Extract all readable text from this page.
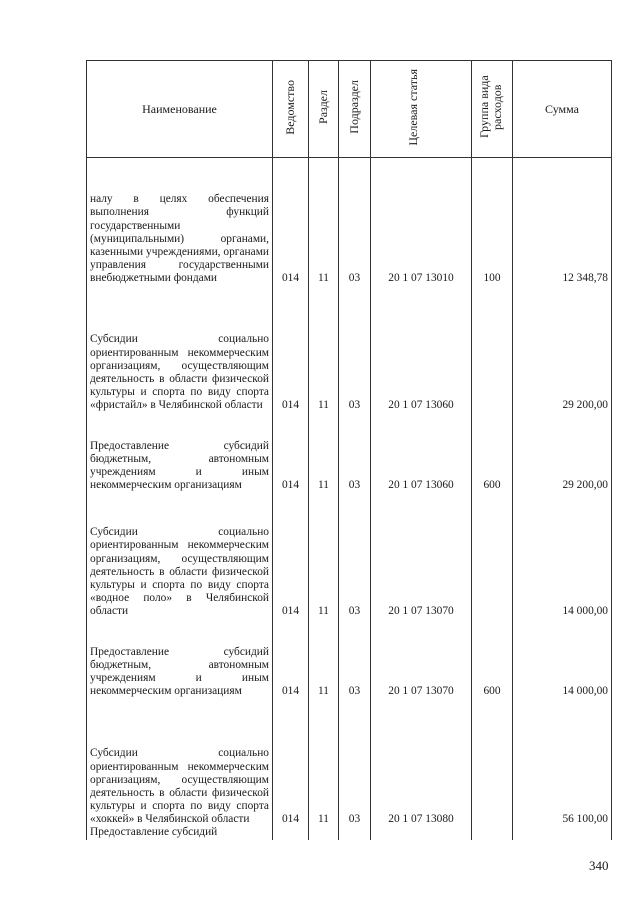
Наименование	Ведомство	Раздел	Подраздел	Целевая статья	Группа вида расходов	Сумма
налу в целях обеспечения выполнения функций государственными (муниципальными) органами, казенными учреждениями, органами управления государственными внебюджетными фондами	014	11	03	20 1 07 13010	100	12 348,78
Субсидии социально ориентированным некоммерческим организациям, осуществляющим деятельность в области физической культуры и спорта по виду спорта «фристайл» в Челябинской области	014	11	03	20 1 07 13060		29 200,00
Предоставление субсидий бюджетным, автономным учреждениям и иным некоммерческим организациям	014	11	03	20 1 07 13060	600	29 200,00
Субсидии социально ориентированным некоммерческим организациям, осуществляющим деятельность в области физической культуры и спорта по виду спорта «водное поло» в Челябинской области	014	11	03	20 1 07 13070		14 000,00
Предоставление субсидий бюджетным, автономным учреждениям и иным некоммерческим организациям	014	11	03	20 1 07 13070	600	14 000,00
Субсидии социально ориентированным некоммерческим организациям, осуществляющим деятельность в области физической культуры и спорта по виду спорта «хоккей» в Челябинской области	014	11	03	20 1 07 13080		56 100,00
Предоставление субсидий						
340
